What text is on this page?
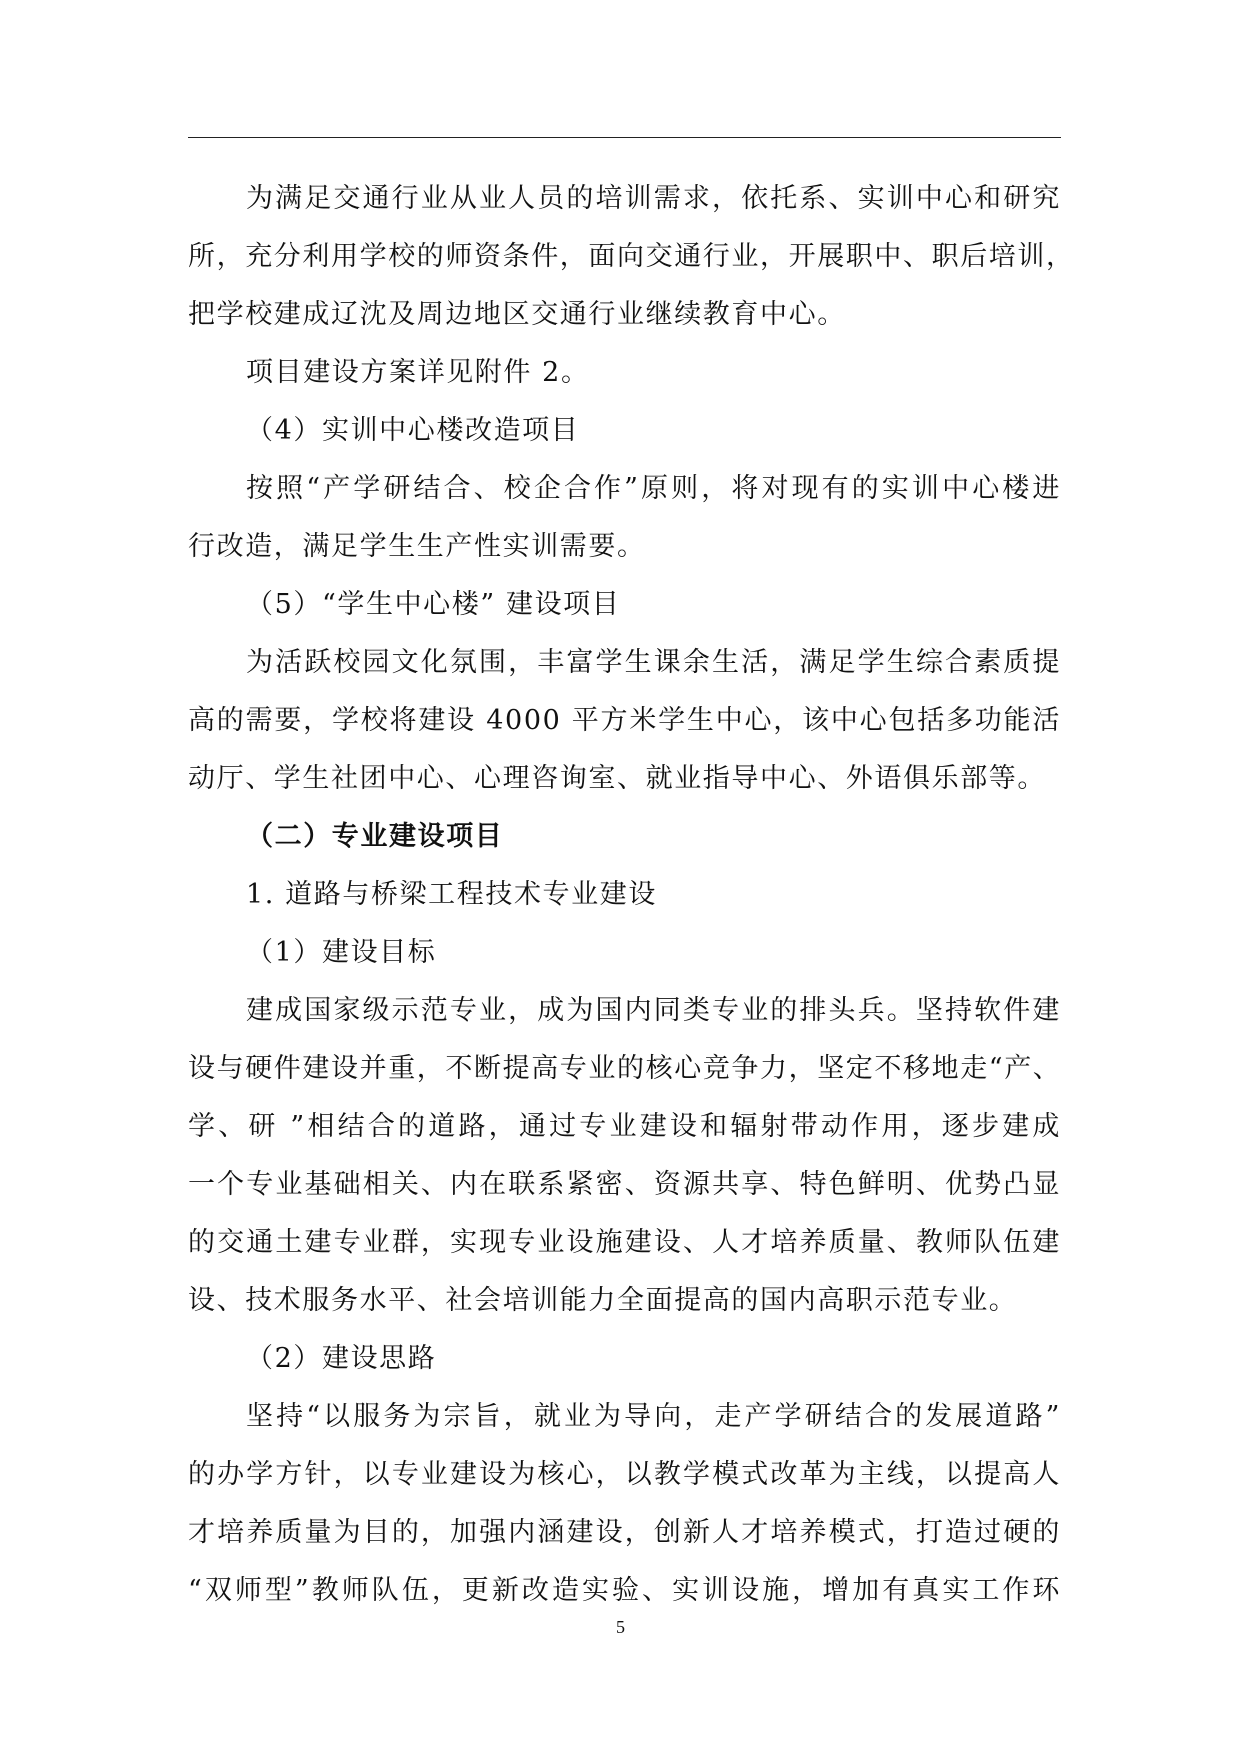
为满足交通行业从业人员的培训需求，依托系、实训中心和研究
所，充分利用学校的师资条件，面向交通行业，开展职中、职后培训，
把学校建成辽沈及周边地区交通行业继续教育中心。
项目建设方案详见附件 2。
（4）实训中心楼改造项目
按照“产学研结合、校企合作”原则，将对现有的实训中心楼进
行改造，满足学生生产性实训需要。
（5）“学生中心楼” 建设项目
为活跃校园文化氛围，丰富学生课余生活，满足学生综合素质提
高的需要，学校将建设 4000 平方米学生中心，该中心包括多功能活
动厅、学生社团中心、心理咨询室、就业指导中心、外语俱乐部等。
（二）专业建设项目
1. 道路与桥梁工程技术专业建设
（1）建设目标
建成国家级示范专业，成为国内同类专业的排头兵。坚持软件建
设与硬件建设并重，不断提高专业的核心竞争力，坚定不移地走“产、
学、研 ”相结合的道路，通过专业建设和辐射带动作用，逐步建成
一个专业基础相关、内在联系紧密、资源共享、特色鲜明、优势凸显
的交通土建专业群，实现专业设施建设、人才培养质量、教师队伍建
设、技术服务水平、社会培训能力全面提高的国内高职示范专业。
（2）建设思路
坚持“以服务为宗旨，就业为导向，走产学研结合的发展道路”
的办学方针，以专业建设为核心，以教学模式改革为主线，以提高人
才培养质量为目的，加强内涵建设，创新人才培养模式，打造过硬的
“双师型”教师队伍，更新改造实验、实训设施，增加有真实工作环
5
